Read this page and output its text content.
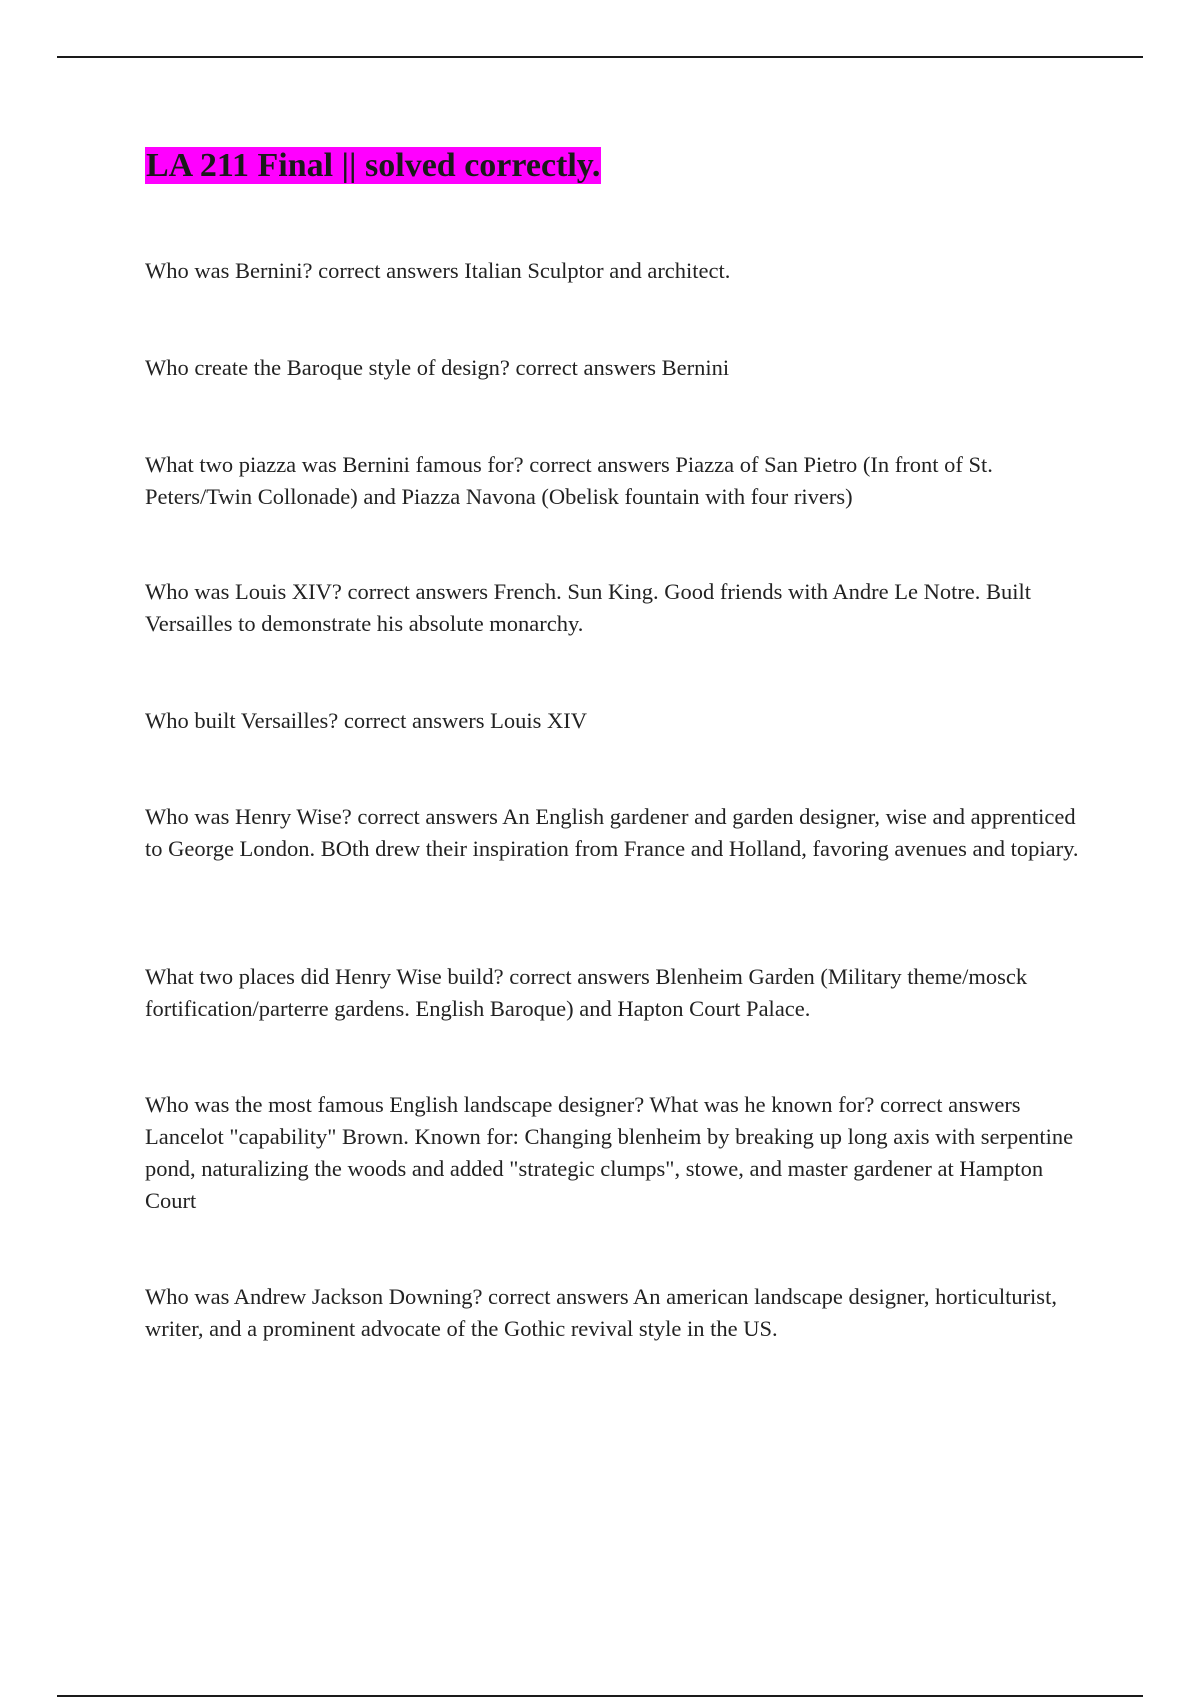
LA 211 Final || solved correctly.

Who was Bernini? correct answers Italian Sculptor and architect.

Who create the Baroque style of design? correct answers Bernini

What two piazza was Bernini famous for? correct answers Piazza of San Pietro (In front of St. Peters/Twin Collonade) and Piazza Navona (Obelisk fountain with four rivers)

Who was Louis XIV? correct answers French. Sun King. Good friends with Andre Le Notre. Built Versailles to demonstrate his absolute monarchy.

Who built Versailles? correct answers Louis XIV

Who was Henry Wise? correct answers An English gardener and garden designer, wise and apprenticed to George London. BOth drew their inspiration from France and Holland, favoring avenues and topiary.

What two places did Henry Wise build? correct answers Blenheim Garden (Military theme/mosck fortification/parterre gardens. English Baroque) and Hapton Court Palace.

Who was the most famous English landscape designer? What was he known for? correct answers Lancelot "capability" Brown. Known for: Changing blenheim by breaking up long axis with serpentine pond, naturalizing the woods and added "strategic clumps", stowe, and master gardener at Hampton Court

Who was Andrew Jackson Downing? correct answers An american landscape designer, horticulturist, writer, and a prominent advocate of the Gothic revival style in the US.
